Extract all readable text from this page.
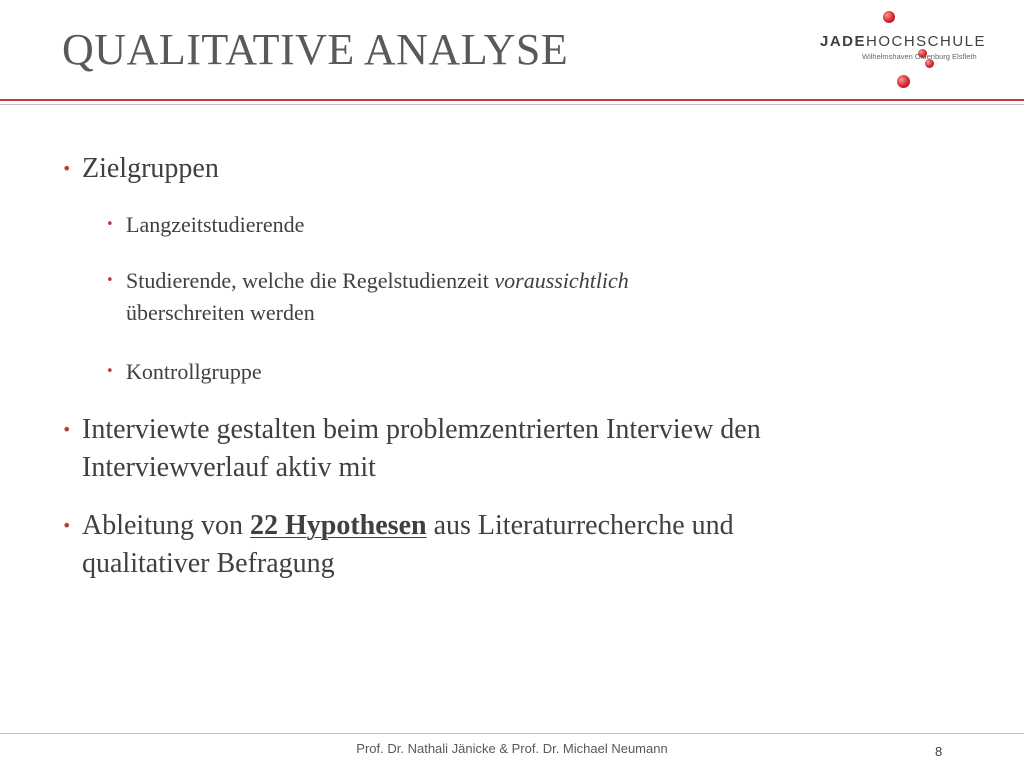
QUALITATIVE ANALYSE	JADEHOCHSCHULE
Wilhelmshaven Oldenburg Elsfleth
• Zielgruppen
• Langzeitstudierende
• Studierende, welche die Regelstudienzeit voraussichtlich
überschreiten werden
• Kontrollgruppe
• Interviewte gestalten beim problemzentrierten Interview den
Interviewverlauf aktiv mit
• Ableitung von 22 Hypothesen aus Literaturrecherche und
qualitativer Befragung
Prof. Dr. Nathali Jänicke & Prof. Dr. Michael Neumann	8
